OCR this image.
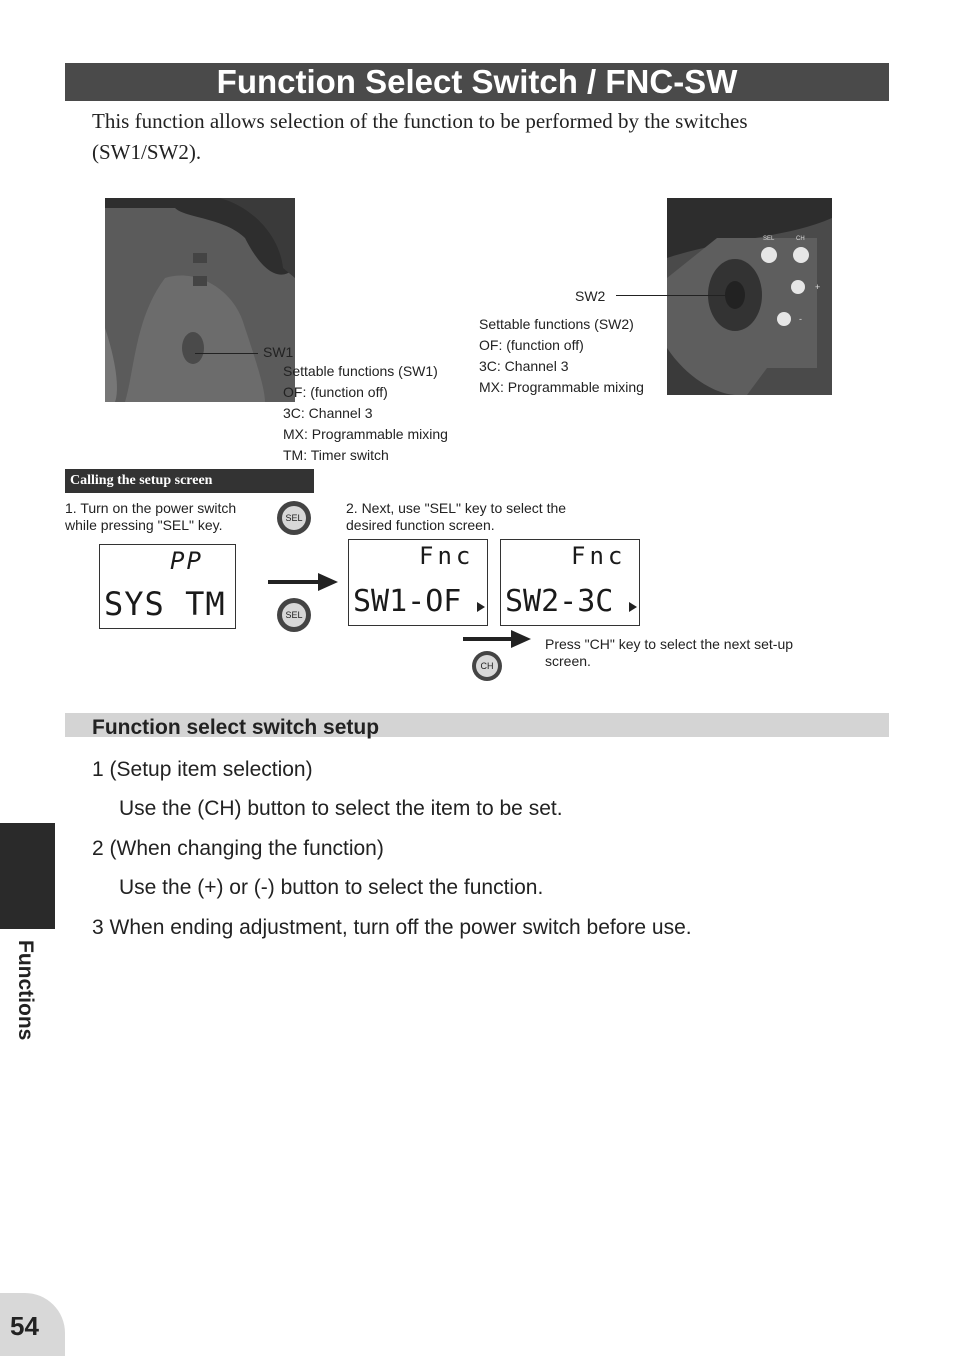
Function Select Switch / FNC-SW
This function allows selection of the function to be performed by the switches (SW1/SW2).
SW1
Settable functions (SW1)
OF: (function off)
3C: Channel 3
MX: Programmable mixing
TM: Timer switch
SEL	CH
+
-
SW2
Settable functions (SW2)
OF: (function off)
3C: Channel 3
MX: Programmable mixing
Calling the setup screen
1. Turn on the power switch while pressing "SEL" key.
2. Next, use "SEL" key to select the desired function screen.
Press "CH" key to select the next set-up screen.
SEL
SEL
CH
PP
SYS TM
Fnc
SW1-OF
Fnc
SW2-3C
Function select switch setup
1 (Setup item selection)
Use the (CH) button to select the item to be set.
2 (When changing the function)
Use the (+) or (-) button to select the function.
3 When ending adjustment, turn off the power switch before use.
Functions
54
